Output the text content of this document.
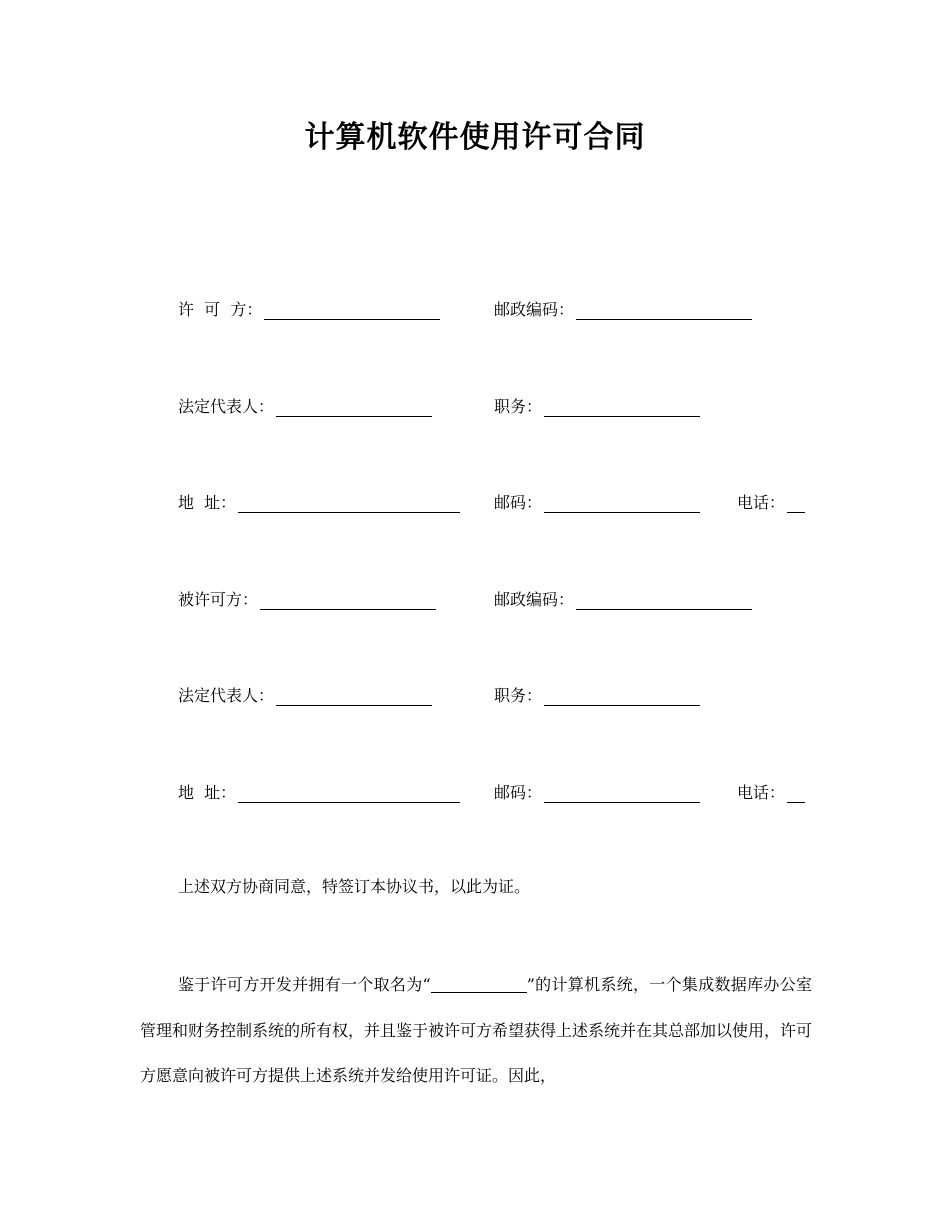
计算机软件使用许可合同
许  可  方：	邮政编码：
法定代表人：	职务：
地  址：	邮码：	电话：
被许可方：	邮政编码：
法定代表人：	职务：
地  址：	邮码：	电话：

上述双方协商同意，特签订本协议书，以此为证。

鉴于许可方开发并拥有一个取名为“	”的计算机系统，一个集成数据库办公室管理和财务控制系统的所有权，并且鉴于被许可方希望获得上述系统并在其总部加以使用，许可方愿意向被许可方提供上述系统并发给使用许可证。因此，
